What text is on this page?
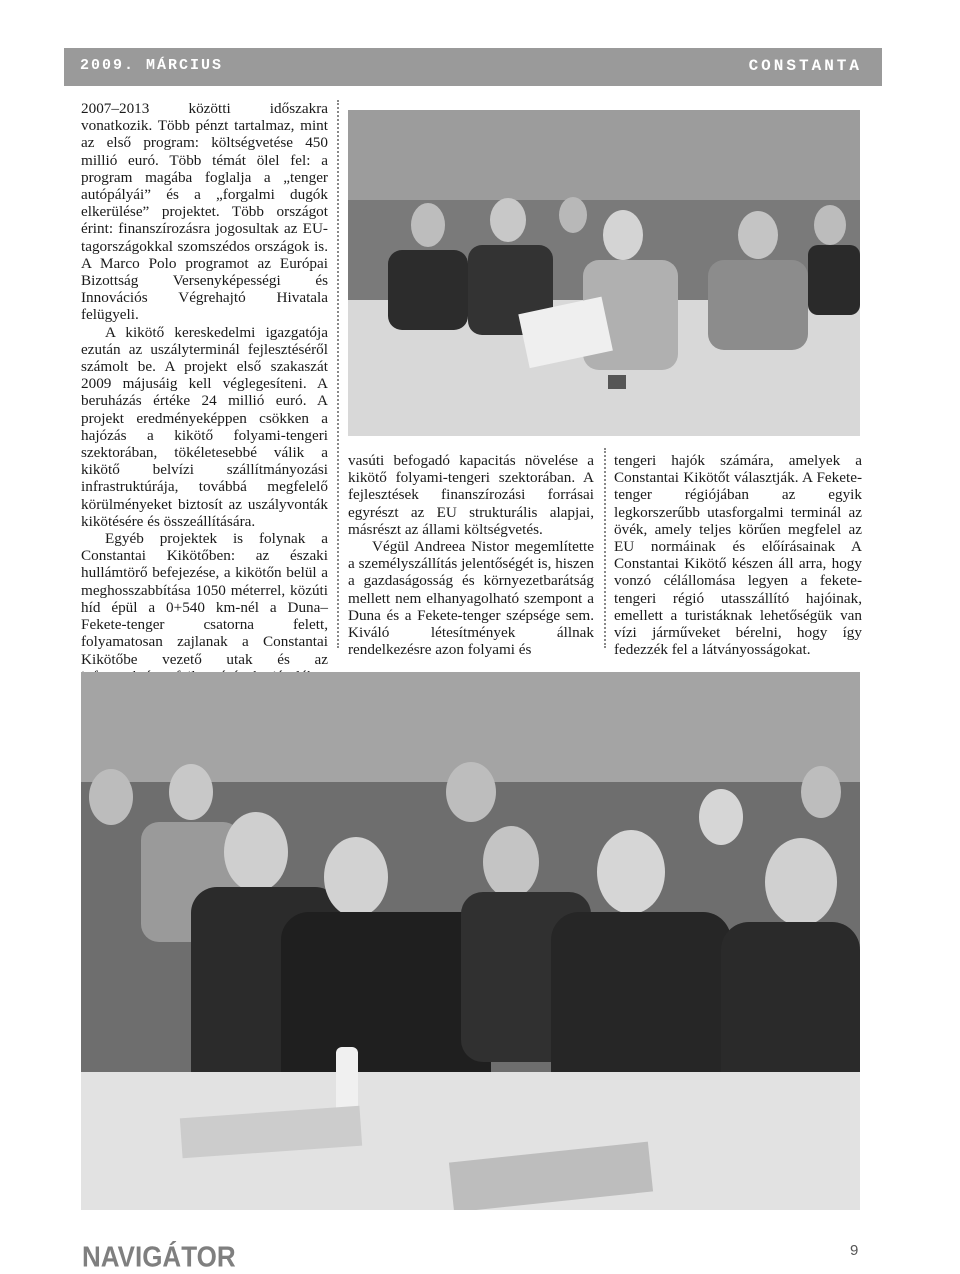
2009. MÁRCIUS	CONSTANTA

2007–2013 közötti időszakra vonatkozik. Több pénzt tartalmaz, mint az első program: költségvetése 450 millió euró. Több témát ölel fel: a program magába foglalja a „tenger autópályái” és a „forgalmi dugók elkerülése” projektet. Több országot érint: finanszírozásra jogosultak az EU-tagországokkal szomszédos országok is. A Marco Polo programot az Európai Bizottság Versenyképességi és Innovációs Végrehajtó Hivatala felügyeli.

A kikötő kereskedelmi igazgatója ezután az uszályterminál fejlesztéséről számolt be. A projekt első szakaszát 2009 májusáig kell véglegesíteni. A beruházás értéke 24 millió euró. A projekt eredményeképpen csökken a hajózás a kikötő folyami-tengeri szektorában, tökéletesebbé válik a kikötő belvízi szállítmányozási infrastruktúrája, továbbá megfelelő körülményeket biztosít az uszályvonták kikötésére és összeállítására.

Egyéb projektek is folynak a Constantai Kikötőben: az északi hullámtörő befejezése, a kikötőn belül a meghosszabbítása 1050 méterrel, közúti híd épül a 0+540 km-nél a Duna–Fekete-tenger csatorna felett, folyamatosan zajlanak a Constantai Kikötőbe vezető utak és az

vasúti befogadó kapacitás növelése a kikötő folyami-tengeri szektorában. A fejlesztések finanszírozási forrásai egyrészt az EU strukturális alapjai, másrészt az állami költségvetés.

Végül Andreea Nistor megemlítette a személyszállítás jelentőségét is, hiszen a gazdaságosság és környezetbarátság mellett nem elhanyagolható szempont a Duna és a Fekete-tenger szépsége sem. Kiváló létesítmények állnak rendelkezésre azon folyami és

tengeri hajók számára, amelyek a Constantai Kikötőt választják. A Fekete-tenger régiójában az egyik legkorszerűbb utasforgalmi terminál az övék, amely teljes körűen megfelel az EU normáinak és előírásainak A Constantai Kikötő készen áll arra, hogy vonzó célállomása legyen a fekete-tengeri régió utasszállító hajóinak, emellett a turistáknak lehetőségük van vízi járműveket bérelni, hogy így fedezzék fel a látványosságokat.

NAVIGÁTOR	9
